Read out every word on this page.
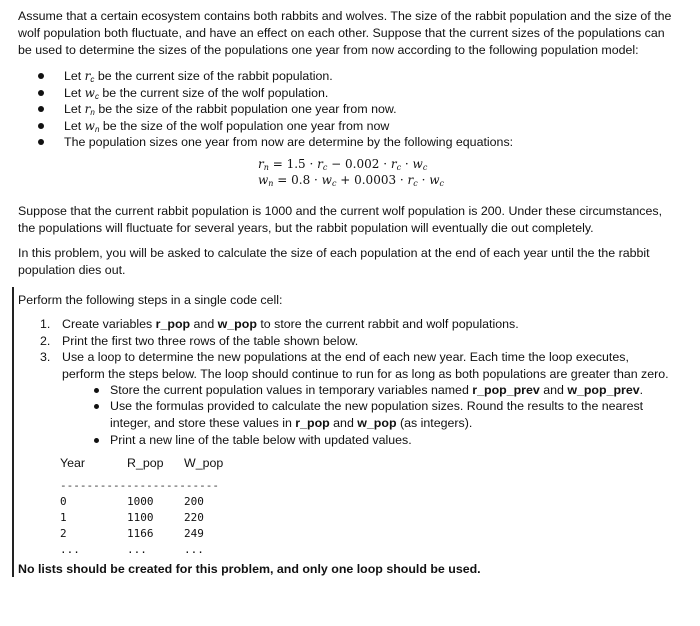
Assume that a certain ecosystem contains both rabbits and wolves. The size of the rabbit population and the size of the wolf population both fluctuate, and have an effect on each other. Suppose that the current sizes of the populations can be used to determine the sizes of the populations one year from now according to the following population model:

Let $r_c$ be the current size of the rabbit population.
Let $w_c$ be the current size of the wolf population.
Let $r_n$ be the size of the rabbit population one year from now.
Let $w_n$ be the size of the wolf population one year from now
The population sizes one year from now are determine by the following equations:
$r_n = 1.5 \cdot r_c - 0.002 \cdot r_c \cdot w_c$
$w_n = 0.8 \cdot w_c + 0.0003 \cdot r_c \cdot w_c$

Suppose that the current rabbit population is 1000 and the current wolf population is 200. Under these circumstances, the populations will fluctuate for several years, but the rabbit population will eventually die out completely.

In this problem, you will be asked to calculate the size of each population at the end of each year until the the rabbit population dies out.

Perform the following steps in a single code cell:

1. Create variables r_pop and w_pop to store the current rabbit and wolf populations.
2. Print the first two three rows of the table shown below.
3. Use a loop to determine the new populations at the end of each new year. Each time the loop executes, perform the steps below. The loop should continue to run for as long as both populations are greater than zero.
Store the current population values in temporary variables named r_pop_prev and w_pop_prev.
Use the formulas provided to calculate the new population sizes. Round the results to the nearest integer, and store these values in r_pop and w_pop (as integers).
Print a new line of the table below with updated values.
Year	R_pop W_pop
------------------------
0	1000	200
1	1100	220
2	1166	249
...	...	...

No lists should be created for this problem, and only one loop should be used.
